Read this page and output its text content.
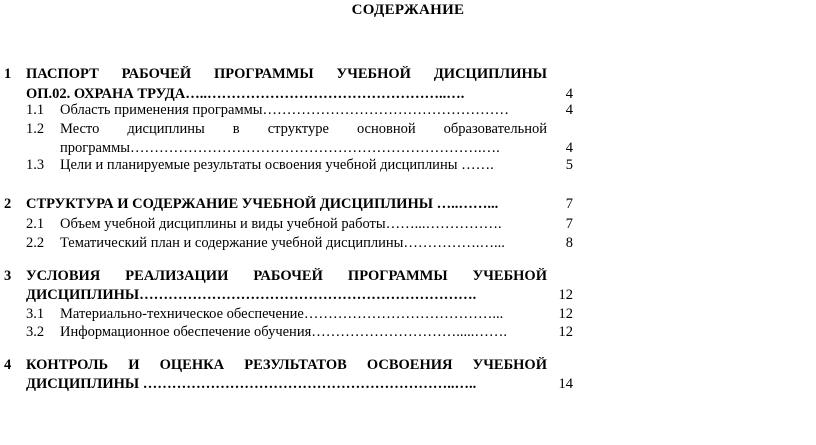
СОДЕРЖАНИЕ
1 ПАСПОРТ РАБОЧЕЙ ПРОГРАММЫ УЧЕБНОЙ ДИСЦИПЛИНЫ
ОП.02. ОХРАНА ТРУДА…..…………………………………………..….	4
1.1 Область применения программы……………………………………………	4
1.2 Место дисциплины в структуре основной образовательной
программы……………………………………………………………….….	4
1.3 Цели и планируемые результаты освоения учебной дисциплины …….	5
2 СТРУКТУРА И СОДЕРЖАНИЕ УЧЕБНОЙ ДИСЦИПЛИНЫ …..……...	7
2.1 Объем учебной дисциплины и виды учебной работы……...…………….	7
2.2 Тематический план и содержание учебной дисциплины…………….…...	8
3 УСЛОВИЯ РЕАЛИЗАЦИИ РАБОЧЕЙ ПРОГРАММЫ УЧЕБНОЙ
ДИСЦИПЛИНЫ…………………………………………………………….	12
3.1 Материально-техническое обеспечение…………………………………...	12
3.2 Информационное обеспечение обучения………………………….....…….	12
4 КОНТРОЛЬ И ОЦЕНКА РЕЗУЛЬТАТОВ ОСВОЕНИЯ УЧЕБНОЙ
ДИСЦИПЛИНЫ ………………………………………………………..…..	14
